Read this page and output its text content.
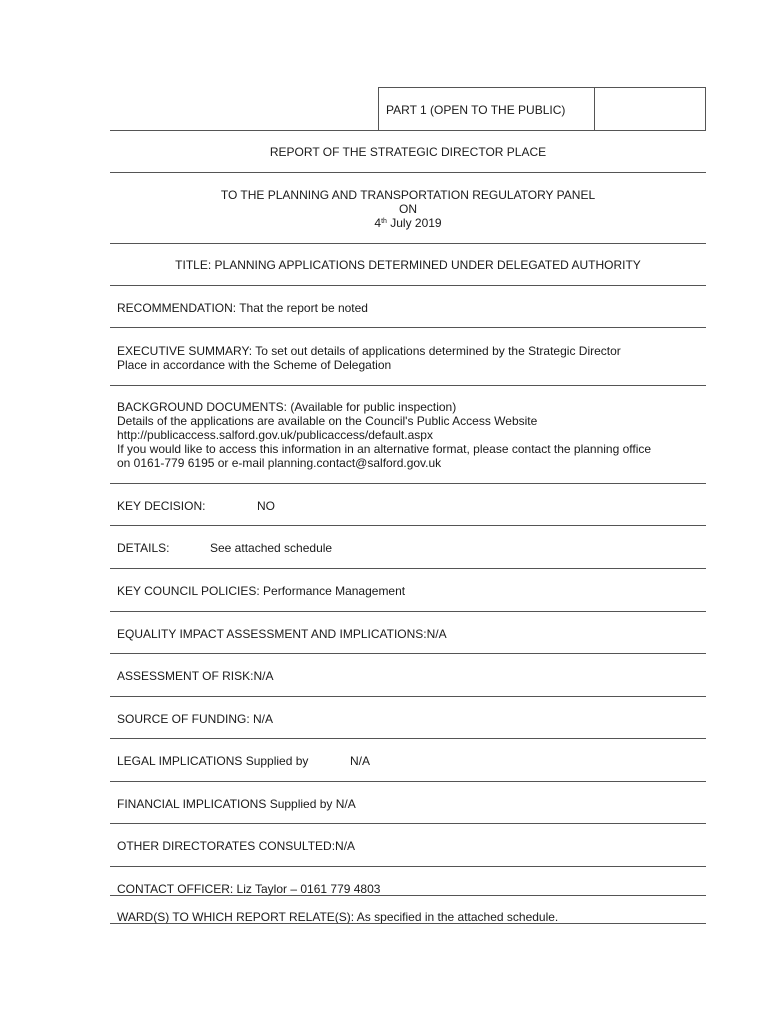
PART 1 (OPEN TO THE PUBLIC)
REPORT OF THE STRATEGIC DIRECTOR PLACE
TO THE PLANNING AND TRANSPORTATION REGULATORY PANEL
ON
4th July 2019
TITLE: PLANNING APPLICATIONS DETERMINED UNDER DELEGATED AUTHORITY
RECOMMENDATION: That the report be noted
EXECUTIVE SUMMARY: To set out details of applications determined by the Strategic Director
Place in accordance with the Scheme of Delegation
BACKGROUND DOCUMENTS: (Available for public inspection)
Details of the applications are available on the Council's Public Access Website
http://publicaccess.salford.gov.uk/publicaccess/default.aspx
If you would like to access this information in an alternative format, please contact the planning office
on 0161-779 6195 or e-mail planning.contact@salford.gov.uk
KEY DECISION:	NO
DETAILS:	See attached schedule
KEY COUNCIL POLICIES: Performance Management
EQUALITY IMPACT ASSESSMENT AND IMPLICATIONS:N/A
ASSESSMENT OF RISK:N/A
SOURCE OF FUNDING: N/A
LEGAL IMPLICATIONS Supplied by	N/A
FINANCIAL IMPLICATIONS Supplied by N/A
OTHER DIRECTORATES CONSULTED:N/A
CONTACT OFFICER: Liz Taylor – 0161 779 4803
WARD(S) TO WHICH REPORT RELATE(S): As specified in the attached schedule.
